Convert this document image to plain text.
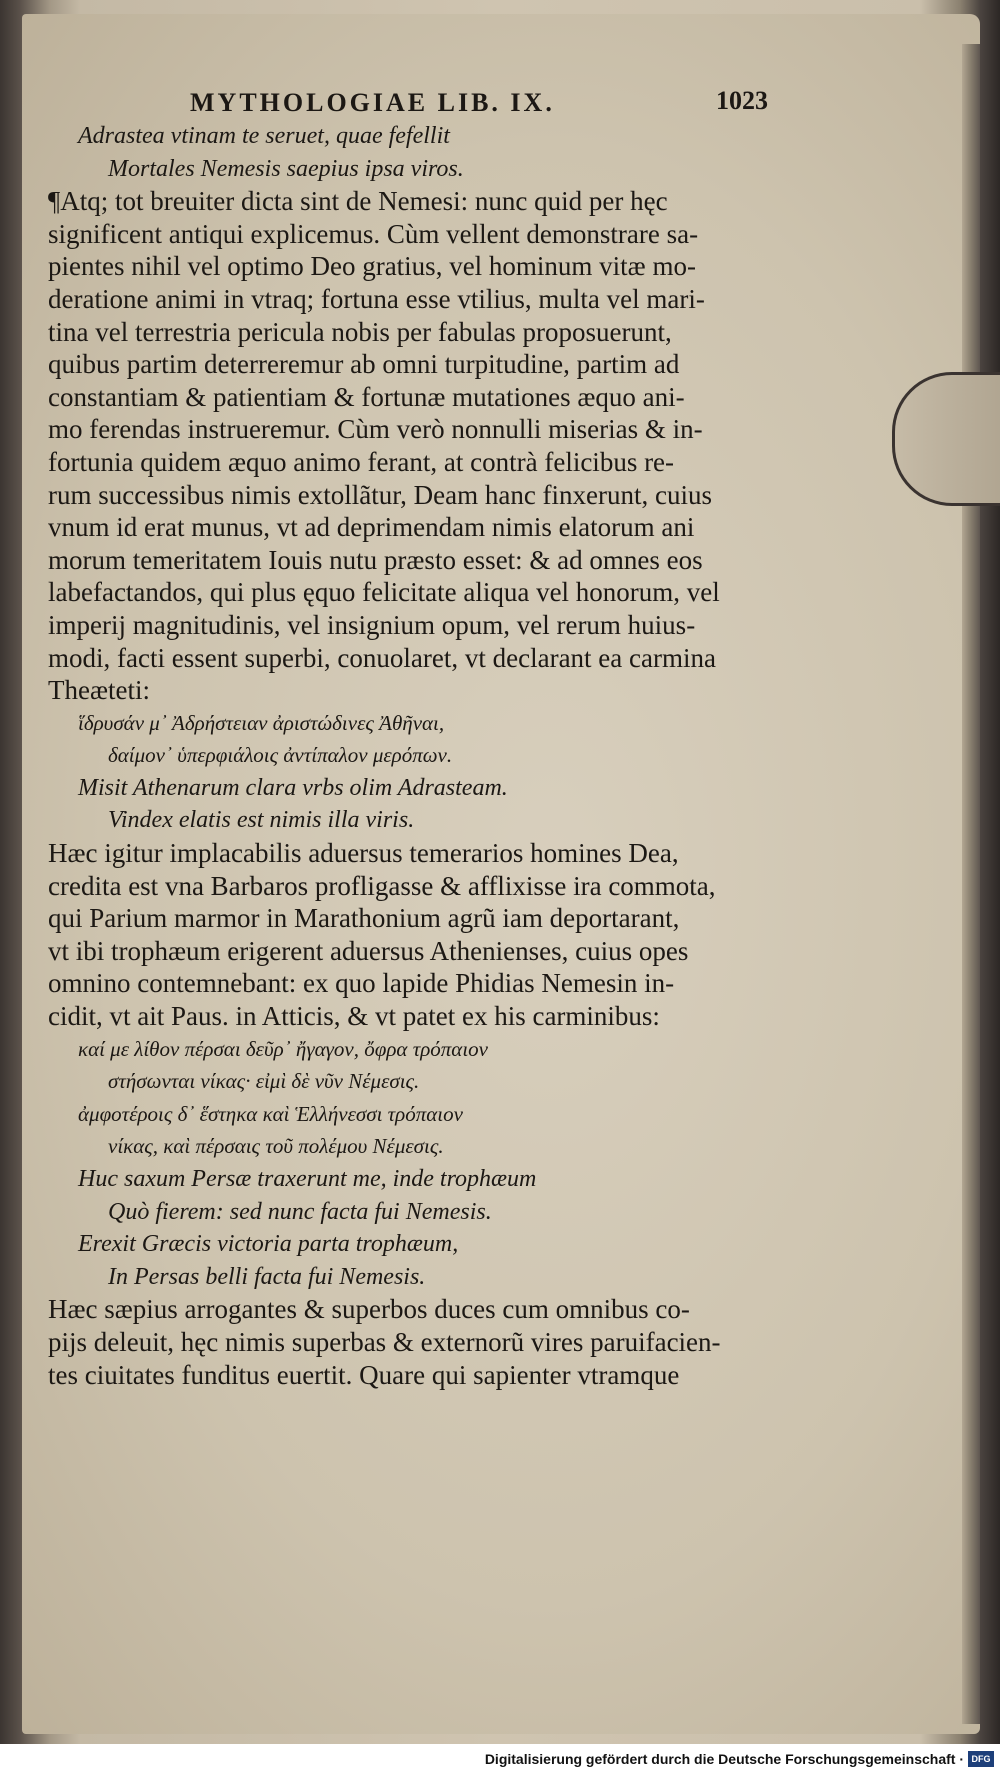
MYTHOLOGIAE LIB. IX.	1023
Adrastea vtinam te seruet, quae fefellit
Mortales Nemesis saepius ipsa viros.
¶Atq; tot breuiter dicta sint de Nemesi: nunc quid per hęc
significent antiqui explicemus. Cùm vellent demonstrare sa-
pientes nihil vel optimo Deo gratius, vel hominum vitæ mo-
deratione animi in vtraq; fortuna esse vtilius, multa vel mari-
tina vel terrestria pericula nobis per fabulas proposuerunt,
quibus partim deterreremur ab omni turpitudine, partim ad
constantiam & patientiam & fortunæ mutationes æquo ani-
mo ferendas instrueremur. Cùm verò nonnulli miserias & in-
fortunia quidem æquo animo ferant, at contrà felicibus re-
rum successibus nimis extollãtur, Deam hanc finxerunt, cuius
vnum id erat munus, vt ad deprimendam nimis elatorum ani
morum temeritatem Iouis nutu præsto esset: & ad omnes eos
labefactandos, qui plus ęquo felicitate aliqua vel honorum, vel
imperij magnitudinis, vel insignium opum, vel rerum huius-
modi, facti essent superbi, conuolaret, vt declarant ea carmina
Theæteti:
ἵδρυσάν μ᾽ Ἀδρήστειαν ἀριστώδινες Ἀθῆναι,
δαίμον᾽ ὑπερφιάλοις ἀντίπαλον μερόπων.
Misit Athenarum clara vrbs olim Adrasteam.
Vindex elatis est nimis illa viris.
Hæc igitur implacabilis aduersus temerarios homines Dea,
credita est vna Barbaros profligasse & afflixisse ira commota,
qui Parium marmor in Marathonium agrũ iam deportarant,
vt ibi trophæum erigerent aduersus Athenienses, cuius opes
omnino contemnebant: ex quo lapide Phidias Nemesin in-
cidit, vt ait Paus. in Atticis, & vt patet ex his carminibus:
καί με λίθον πέρσαι δεῦρ᾽ ἤγαγον, ὄφρα τρόπαιον
στήσωνται νίκας· εἰμὶ δὲ νῦν Νέμεσις.
ἀμφοτέροις δ᾽ ἕστηκα καὶ Ἑλλήνεσσι τρόπαιον
νίκας, καὶ πέρσαις τοῦ πολέμου Νέμεσις.
Huc saxum Persæ traxerunt me, inde trophæum
Quò fierem: sed nunc facta fui Nemesis.
Erexit Græcis victoria parta trophæum,
In Persas belli facta fui Nemesis.
Hæc sæpius arrogantes & superbos duces cum omnibus co-
pijs deleuit, hęc nimis superbas & externorũ vires paruifacien-
tes ciuitates funditus euertit. Quare qui sapienter vtramque
Digitalisierung gefördert durch die Deutsche Forschungsgemeinschaft · DFG
